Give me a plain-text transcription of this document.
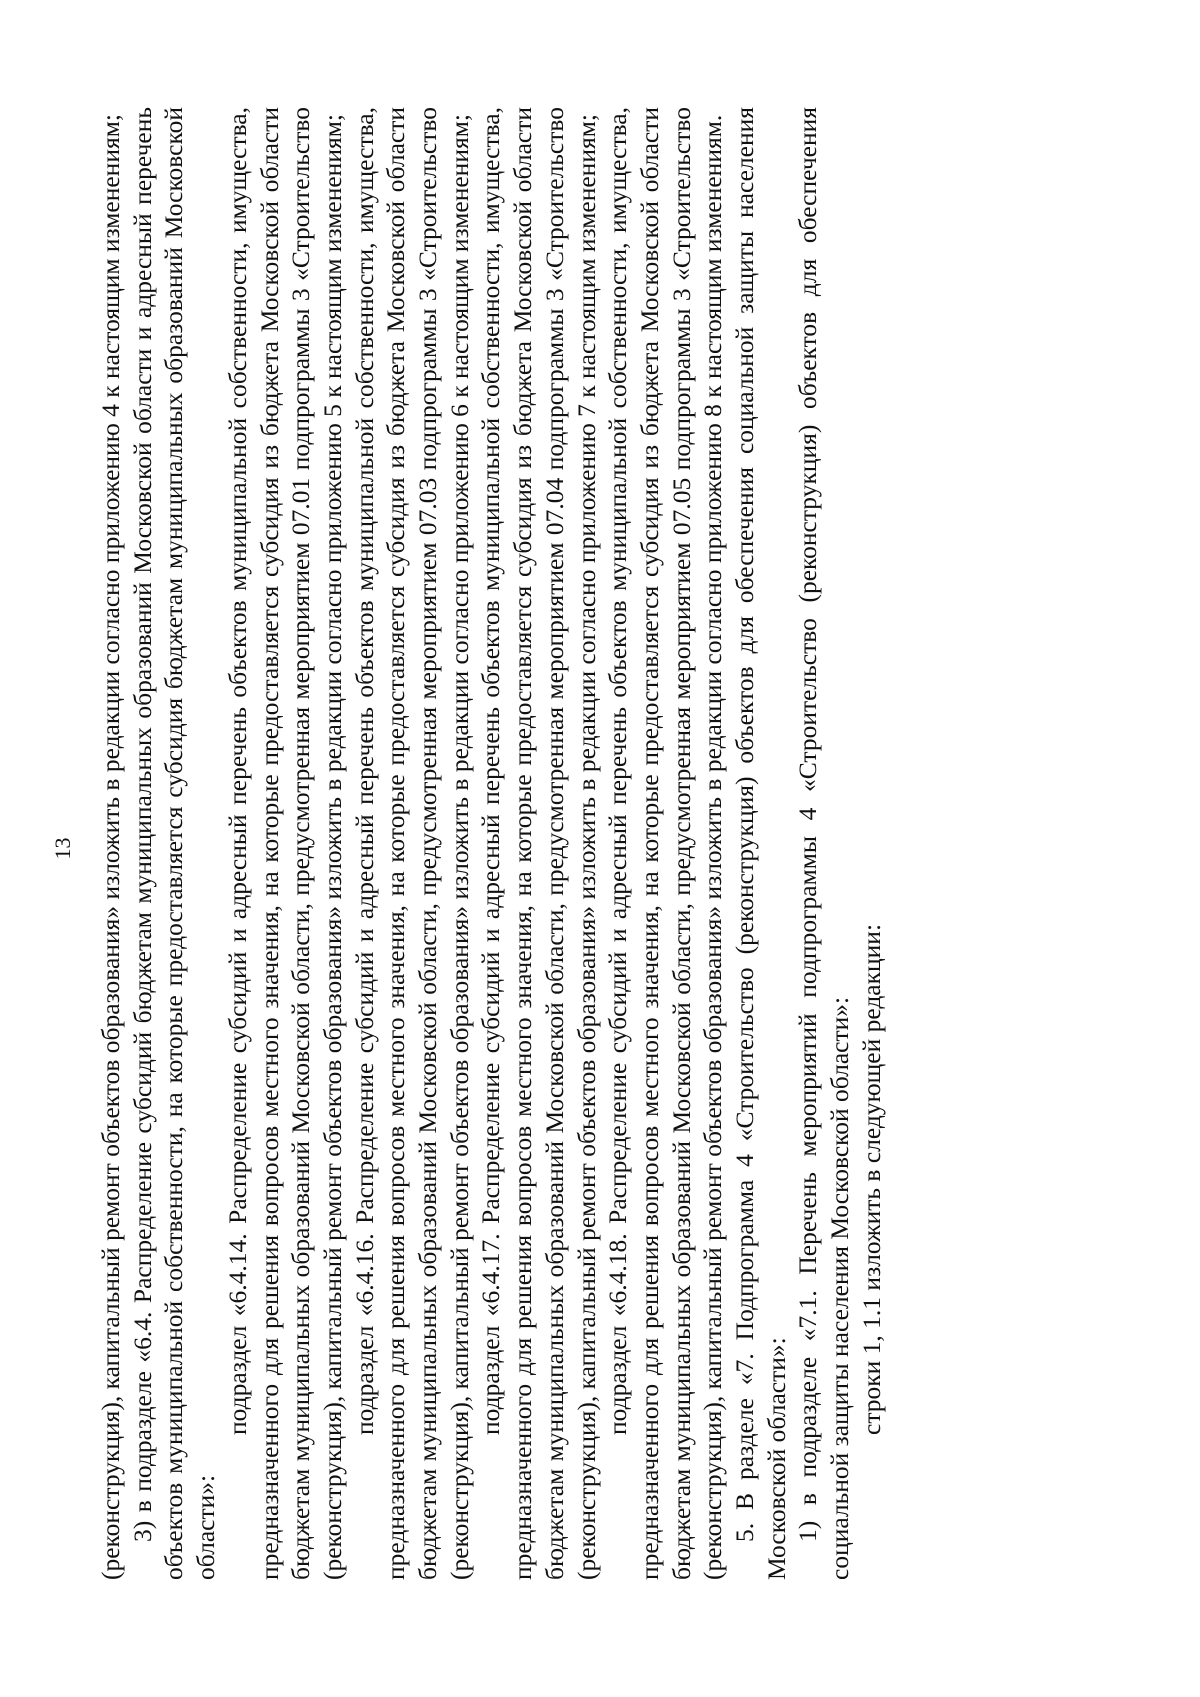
13 (реконструкция), капитальный ремонт объектов образования» изложить в редакции согласно приложению 4 к настоящим изменениям; 3) в подразделе «6.4. Распределение субсидий бюджетам муниципальных образований Московской области и адресный перечень объектов муниципальной собственности, на которые предоставляется субсидия бюджетам муниципальных образований Московской области»:

подраздел «6.4.14. Распределение субсидий и адресный перечень объектов муниципальной собственности, имущества, предназначенного для решения вопросов местного значения, на которые предоставляется субсидия из бюджета Московской области бюджетам муниципальных образований Московской области, предусмотренная мероприятием 07.01 подпрограммы 3 «Строительство (реконструкция), капитальный ремонт объектов образования» изложить в редакции согласно приложению 5 к настоящим изменениям; подраздел «6.4.16. Распределение субсидий и адресный перечень объектов муниципальной собственности, имущества, предназначенного для решения вопросов местного значения, на которые предоставляется субсидия из бюджета Московской области бюджетам муниципальных образований Московской области, предусмотренная мероприятием 07.03 подпрограммы 3 «Строительство (реконструкция), капитальный ремонт объектов образования» изложить в редакции согласно приложению 6 к настоящим изменениям; подраздел «6.4.17. Распределение субсидий и адресный перечень объектов муниципальной собственности, имущества, предназначенного для решения вопросов местного значения, на которые предоставляется субсидия из бюджета Московской области бюджетам муниципальных образований Московской области, предусмотренная мероприятием 07.04 подпрограммы 3 «Строительство (реконструкция), капитальный ремонт объектов образования» изложить в редакции согласно приложению 7 к настоящим изменениям; подраздел «6.4.18. Распределение субсидий и адресный перечень объектов муниципальной собственности, имущества, предназначенного для решения вопросов местного значения, на которые предоставляется субсидия из бюджета Московской области бюджетам муниципальных образований Московской области, предусмотренная мероприятием 07.05 подпрограммы 3 «Строительство (реконструкция), капитальный ремонт объектов образования» изложить в редакции согласно приложению 8 к настоящим изменениям. 5. В разделе «7. Подпрограмма 4 «Строительство (реконструкция) объектов для обеспечения социальной защиты населения Московской области»: 1) в подразделе «7.1. Перечень мероприятий подпрограммы 4 «Строительство (реконструкция) объектов для обеспечения социальной защиты населения Московской области»: строки 1, 1.1 изложить в следующей редакции:
